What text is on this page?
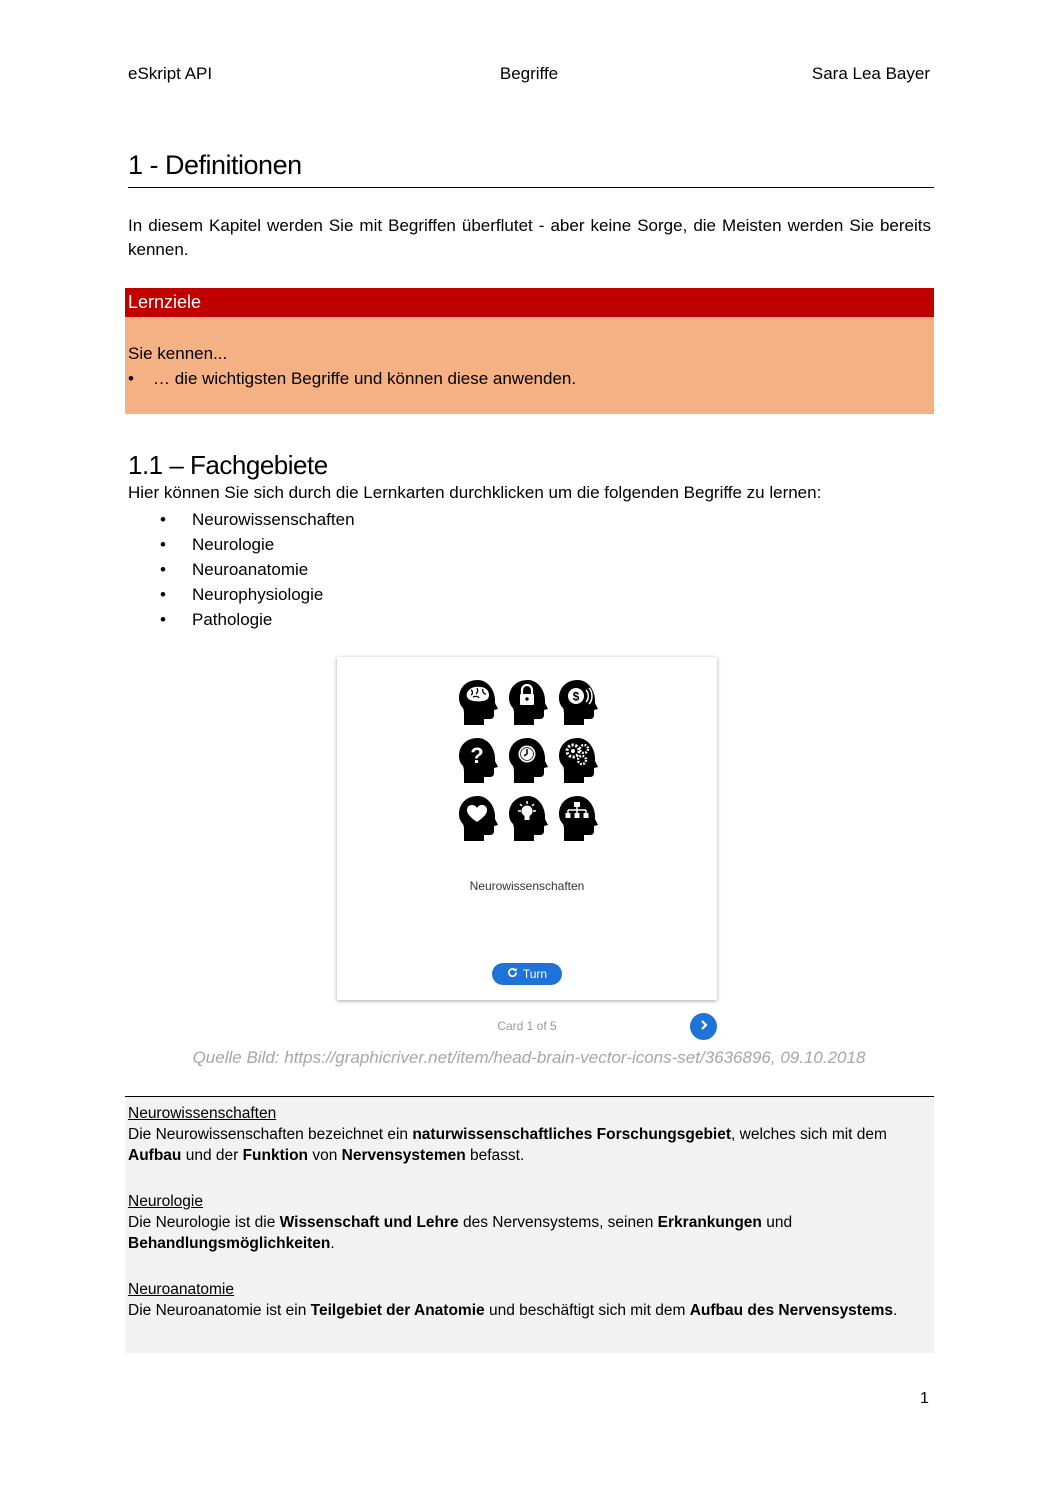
eSkript API	Begriffe	Sara Lea Bayer
1 - Definitionen
In diesem Kapitel werden Sie mit Begriffen überflutet - aber keine Sorge, die Meisten werden Sie bereits kennen.
Lernziele
Sie kennen...
•	… die wichtigsten Begriffe und können diese anwenden.
1.1 – Fachgebiete
Hier können Sie sich durch die Lernkarten durchklicken um die folgenden Begriffe zu lernen:
•	Neurowissenschaften
•	Neurologie
•	Neuroanatomie
•	Neurophysiologie
•	Pathologie
$
?
Neurowissenschaften
Turn
Card 1 of 5
Quelle Bild: https://graphicriver.net/item/head-brain-vector-icons-set/3636896, 09.10.2018
Neurowissenschaften
Die Neurowissenschaften bezeichnet ein naturwissenschaftliches Forschungsgebiet, welches sich mit dem Aufbau und der Funktion von Nervensystemen befasst.
Neurologie
Die Neurologie ist die Wissenschaft und Lehre des Nervensystems, seinen Erkrankungen und Behandlungsmöglichkeiten.
Neuroanatomie
Die Neuroanatomie ist ein Teilgebiet der Anatomie und beschäftigt sich mit dem Aufbau des Nervensystems.
1
